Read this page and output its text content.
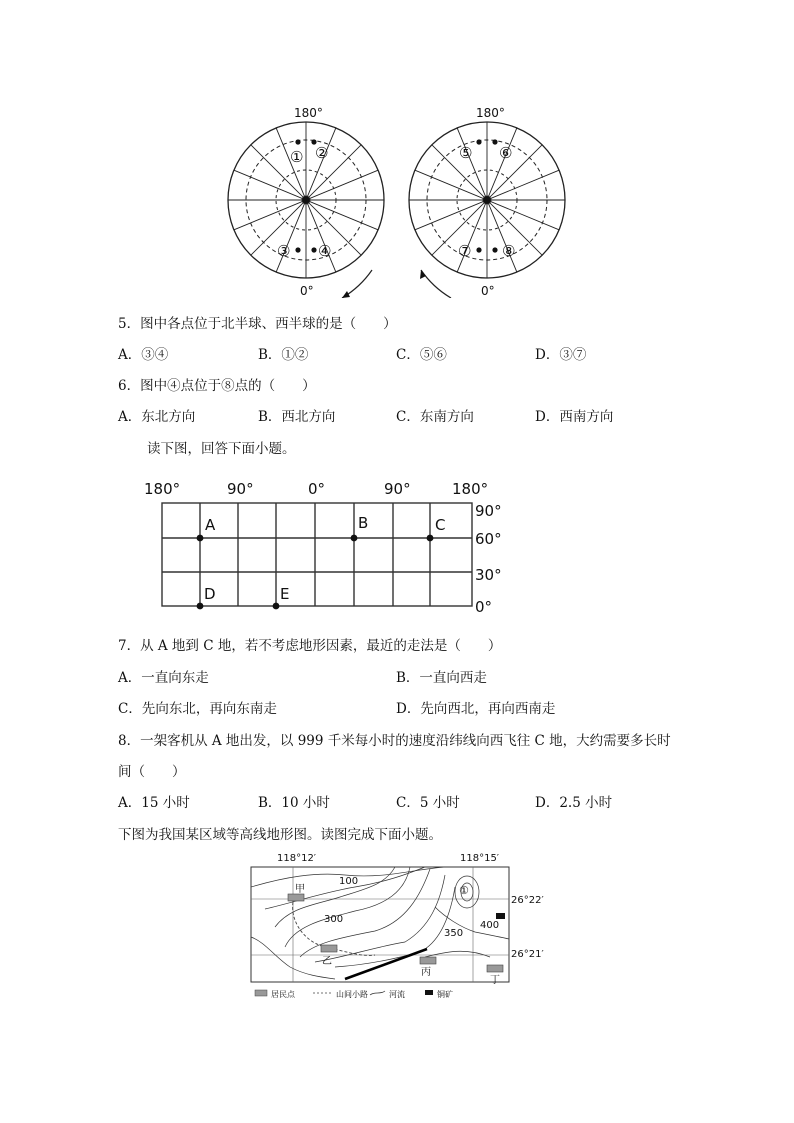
180°
0°
① ②
③ ④
180°
0°
⑤ ⑥
⑦ ⑧
5．图中各点位于北半球、西半球的是（　　）
A．③④	B．①②	C．⑤⑥	D．③⑦
6．图中④点位于⑧点的（　　）
A．东北方向	B．西北方向	C．东南方向	D．西南方向
读下图，回答下面小题。
180°	90°	0°	90°	180°
90°
60°
30°
0°
A	B	C
D	E
7．从 A 地到 C 地，若不考虑地形因素，最近的走法是（　　）
A．一直向东走	B．一直向西走
C．先向东北，再向东南走	D．先向西北，再向西南走
8．一架客机从 A 地出发，以 999 千米每小时的速度沿纬线向西飞往 C 地，大约需要多长时
间（　　）
A．15 小时	B．10 小时	C．5 小时	D．2.5 小时
下图为我国某区域等高线地形图。读图完成下面小题。
118°12′	118°15′
26°22′
26°21′
100
300
350
400
甲
乙
丙
丁
①
居民点	山间小路	河流	铜矿
